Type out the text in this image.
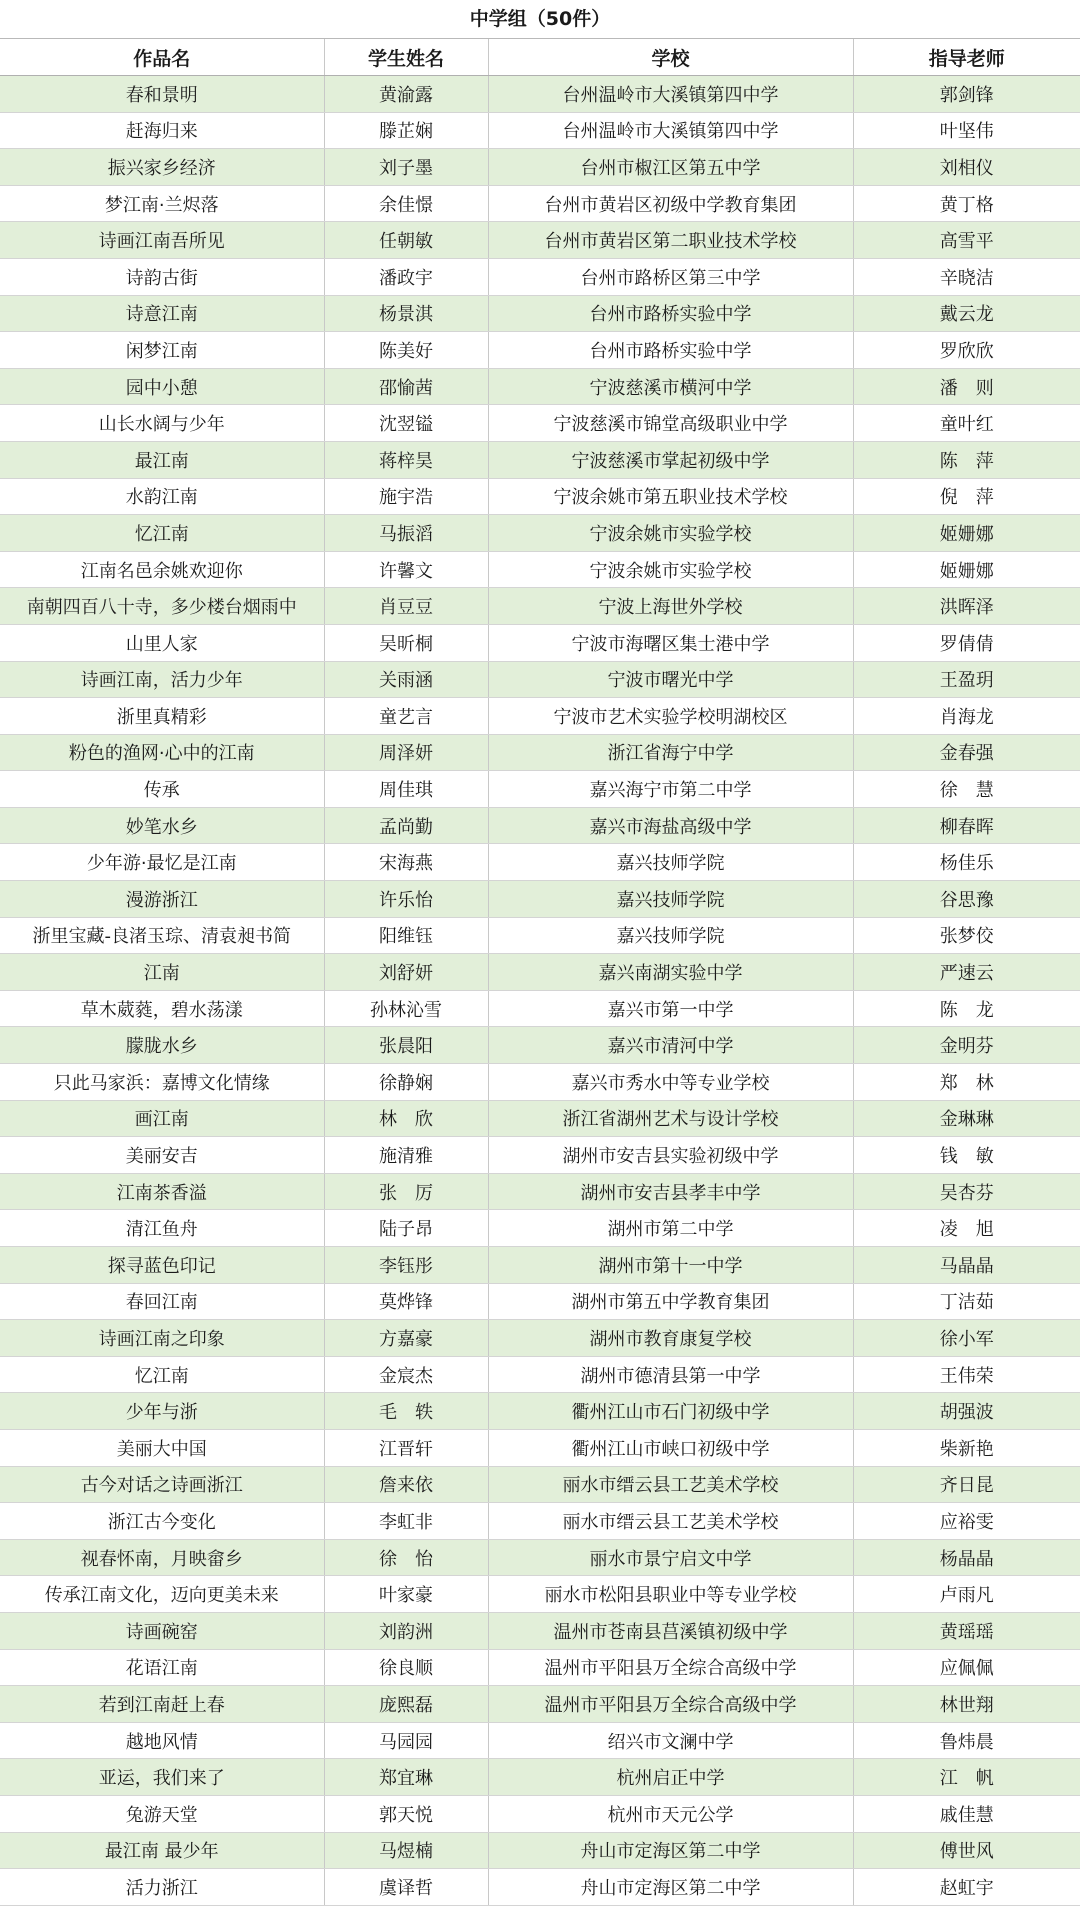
中学组（50件）
作品名	学生姓名	学校	指导老师
春和景明	黄渝露	台州温岭市大溪镇第四中学	郭剑锋
赶海归来	滕芷娴	台州温岭市大溪镇第四中学	叶坚伟
振兴家乡经济	刘子墨	台州市椒江区第五中学	刘相仪
梦江南·兰烬落	余佳憬	台州市黄岩区初级中学教育集团	黄丁格
诗画江南吾所见	任朝敏	台州市黄岩区第二职业技术学校	高雪平
诗韵古街	潘政宇	台州市路桥区第三中学	辛晓洁
诗意江南	杨景淇	台州市路桥实验中学	戴云龙
闲梦江南	陈美好	台州市路桥实验中学	罗欣欣
园中小憩	邵愉茜	宁波慈溪市横河中学	潘　则
山长水阔与少年	沈翌镒	宁波慈溪市锦堂高级职业中学	童叶红
最江南	蒋梓昊	宁波慈溪市掌起初级中学	陈　萍
水韵江南	施宇浩	宁波余姚市第五职业技术学校	倪　萍
忆江南	马振滔	宁波余姚市实验学校	姬姗娜
江南名邑余姚欢迎你	许馨文	宁波余姚市实验学校	姬姗娜
南朝四百八十寺，多少楼台烟雨中	肖豆豆	宁波上海世外学校	洪晖泽
山里人家	吴昕桐	宁波市海曙区集士港中学	罗倩倩
诗画江南，活力少年	关雨涵	宁波市曙光中学	王盈玥
浙里真精彩	童艺言	宁波市艺术实验学校明湖校区	肖海龙
粉色的渔网·心中的江南	周泽妍	浙江省海宁中学	金春强
传承	周佳琪	嘉兴海宁市第二中学	徐　慧
妙笔水乡	孟尚勤	嘉兴市海盐高级中学	柳春晖
少年游·最忆是江南	宋海燕	嘉兴技师学院	杨佳乐
漫游浙江	许乐怡	嘉兴技师学院	谷思豫
浙里宝藏-良渚玉琮、清袁昶书简	阳维钰	嘉兴技师学院	张梦佼
江南	刘舒妍	嘉兴南湖实验中学	严速云
草木葳蕤，碧水荡漾	孙林沁雪	嘉兴市第一中学	陈　龙
朦胧水乡	张晨阳	嘉兴市清河中学	金明芬
只此马家浜：嘉博文化情缘	徐静娴	嘉兴市秀水中等专业学校	郑　林
画江南	林　欣	浙江省湖州艺术与设计学校	金琳琳
美丽安吉	施清雅	湖州市安吉县实验初级中学	钱　敏
江南茶香溢	张　厉	湖州市安吉县孝丰中学	吴杏芬
清江鱼舟	陆子昂	湖州市第二中学	凌　旭
探寻蓝色印记	李钰彤	湖州市第十一中学	马晶晶
春回江南	莫烨锋	湖州市第五中学教育集团	丁洁茹
诗画江南之印象	方嘉豪	湖州市教育康复学校	徐小军
忆江南	金宸杰	湖州市德清县第一中学	王伟荣
少年与浙	毛　轶	衢州江山市石门初级中学	胡强波
美丽大中国	江晋轩	衢州江山市峡口初级中学	柴新艳
古今对话之诗画浙江	詹来依	丽水市缙云县工艺美术学校	齐日昆
浙江古今变化	李虹非	丽水市缙云县工艺美术学校	应裕雯
视春怀南，月映畲乡	徐　怡	丽水市景宁启文中学	杨晶晶
传承江南文化，迈向更美未来	叶家豪	丽水市松阳县职业中等专业学校	卢雨凡
诗画碗窑	刘韵洲	温州市苍南县莒溪镇初级中学	黄瑶瑶
花语江南	徐良顺	温州市平阳县万全综合高级中学	应佩佩
若到江南赶上春	庞熙磊	温州市平阳县万全综合高级中学	林世翔
越地风情	马园园	绍兴市文澜中学	鲁炜晨
亚运，我们来了	郑宜琳	杭州启正中学	江　帆
兔游天堂	郭天悦	杭州市天元公学	戚佳慧
最江南 最少年	马煜楠	舟山市定海区第二中学	傅世风
活力浙江	虞译哲	舟山市定海区第二中学	赵虹宇
